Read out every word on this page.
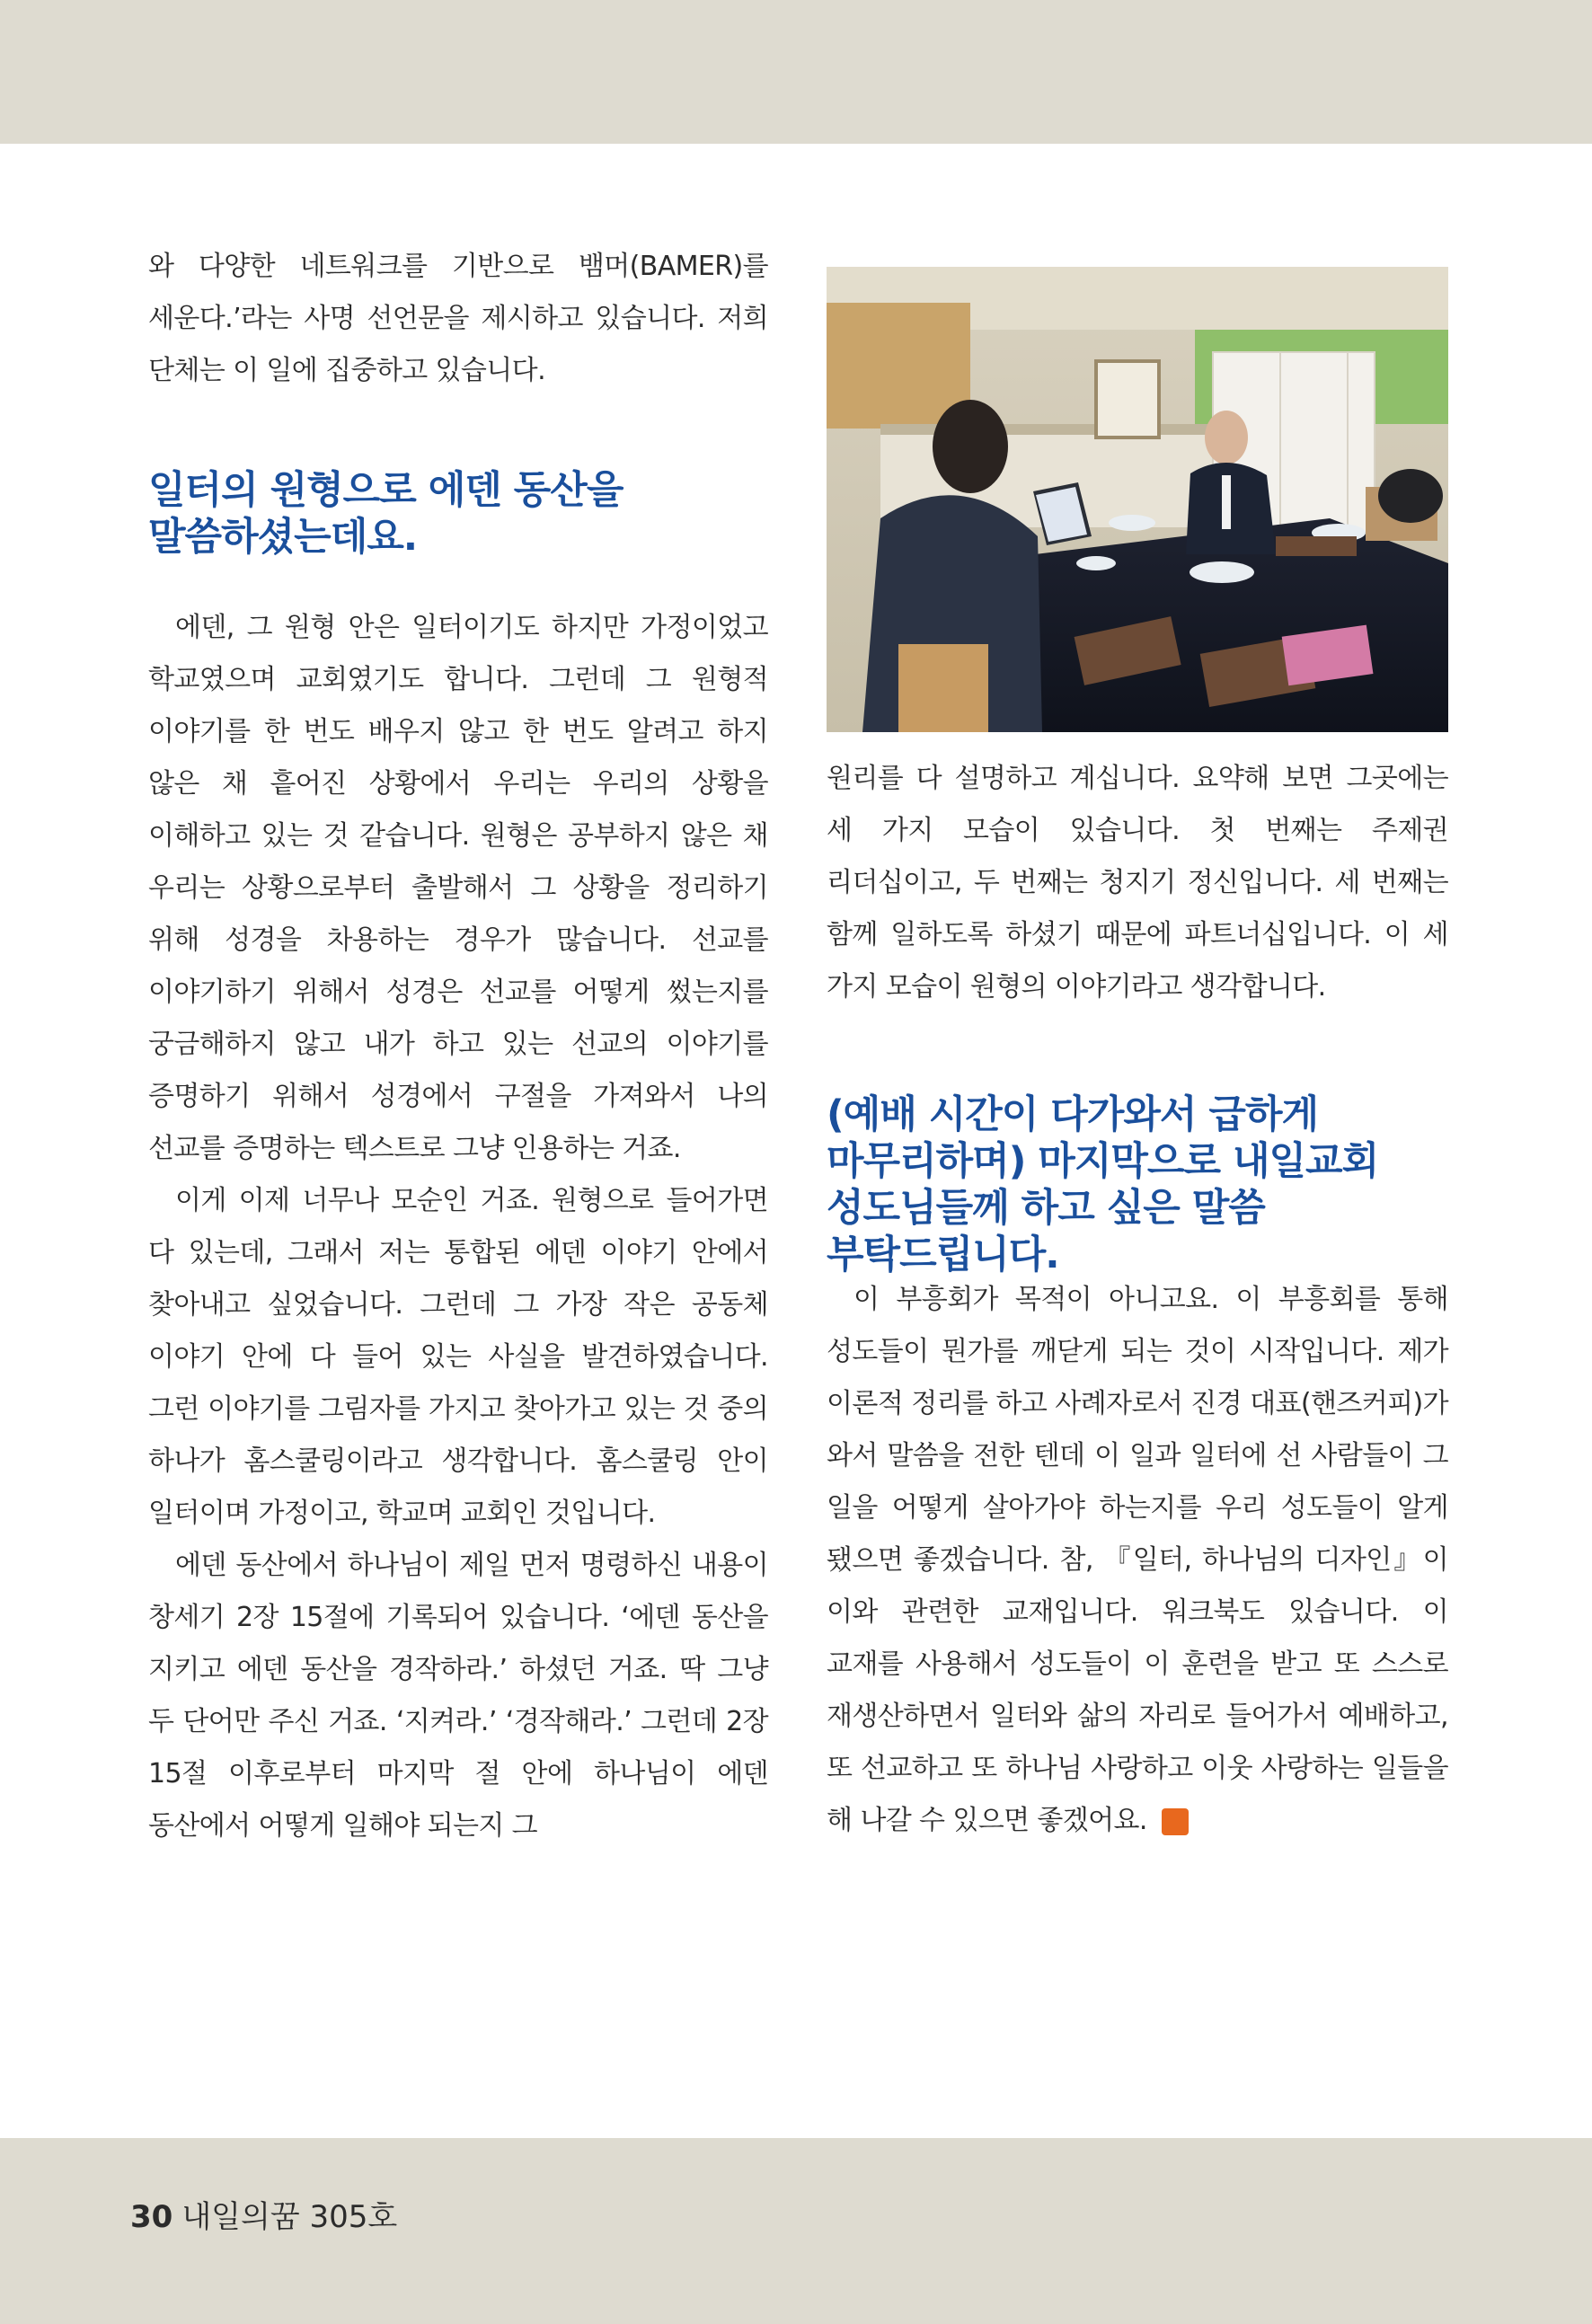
와 다양한 네트워크를 기반으로 뱀머(BAMER)를 세운다.’라는 사명 선언문을 제시하고 있습니다. 저희 단체는 이 일에 집중하고 있습니다.

일터의 원형으로 에덴 동산을 말씀하셨는데요.

에덴, 그 원형 안은 일터이기도 하지만 가정이었고 학교였으며 교회였기도 합니다. 그런데 그 원형적 이야기를 한 번도 배우지 않고 한 번도 알려고 하지 않은 채 흩어진 상황에서 우리는 우리의 상황을 이해하고 있는 것 같습니다. 원형은 공부하지 않은 채 우리는 상황으로부터 출발해서 그 상황을 정리하기 위해 성경을 차용하는 경우가 많습니다. 선교를 이야기하기 위해서 성경은 선교를 어떻게 썼는지를 궁금해하지 않고 내가 하고 있는 선교의 이야기를 증명하기 위해서 성경에서 구절을 가져와서 나의 선교를 증명하는 텍스트로 그냥 인용하는 거죠.

이게 이제 너무나 모순인 거죠. 원형으로 들어가면 다 있는데, 그래서 저는 통합된 에덴 이야기 안에서 찾아내고 싶었습니다. 그런데 그 가장 작은 공동체 이야기 안에 다 들어 있는 사실을 발견하였습니다. 그런 이야기를 그림자를 가지고 찾아가고 있는 것 중의 하나가 홈스쿨링이라고 생각합니다. 홈스쿨링 안이 일터이며 가정이고, 학교며 교회인 것입니다.

에덴 동산에서 하나님이 제일 먼저 명령하신 내용이 창세기 2장 15절에 기록되어 있습니다. ‘에덴 동산을 지키고 에덴 동산을 경작하라.’ 하셨던 거죠. 딱 그냥 두 단어만 주신 거죠. ‘지켜라.’ ‘경작해라.’ 그런데 2장 15절 이후로부터 마지막 절 안에 하나님이 에덴 동산에서 어떻게 일해야 되는지 그

원리를 다 설명하고 계십니다. 요약해 보면 그곳에는 세 가지 모습이 있습니다. 첫 번째는 주제권 리더십이고, 두 번째는 청지기 정신입니다. 세 번째는 함께 일하도록 하셨기 때문에 파트너십입니다. 이 세 가지 모습이 원형의 이야기라고 생각합니다.

(예배 시간이 다가와서 급하게 마무리하며) 마지막으로 내일교회 성도님들께 하고 싶은 말씀 부탁드립니다.

이 부흥회가 목적이 아니고요. 이 부흥회를 통해 성도들이 뭔가를 깨닫게 되는 것이 시작입니다. 제가 이론적 정리를 하고 사례자로서 진경 대표(핸즈커피)가 와서 말씀을 전한 텐데 이 일과 일터에 선 사람들이 그 일을 어떻게 살아가야 하는지를 우리 성도들이 알게 됐으면 좋겠습니다. 참, 『일터, 하나님의 디자인』이 이와 관련한 교재입니다. 워크북도 있습니다. 이 교재를 사용해서 성도들이 이 훈련을 받고 또 스스로 재생산하면서 일터와 삶의 자리로 들어가서 예배하고, 또 선교하고 또 하나님 사랑하고 이웃 사랑하는 일들을 해 나갈 수 있으면 좋겠어요. N

30 내일의꿈 305호
